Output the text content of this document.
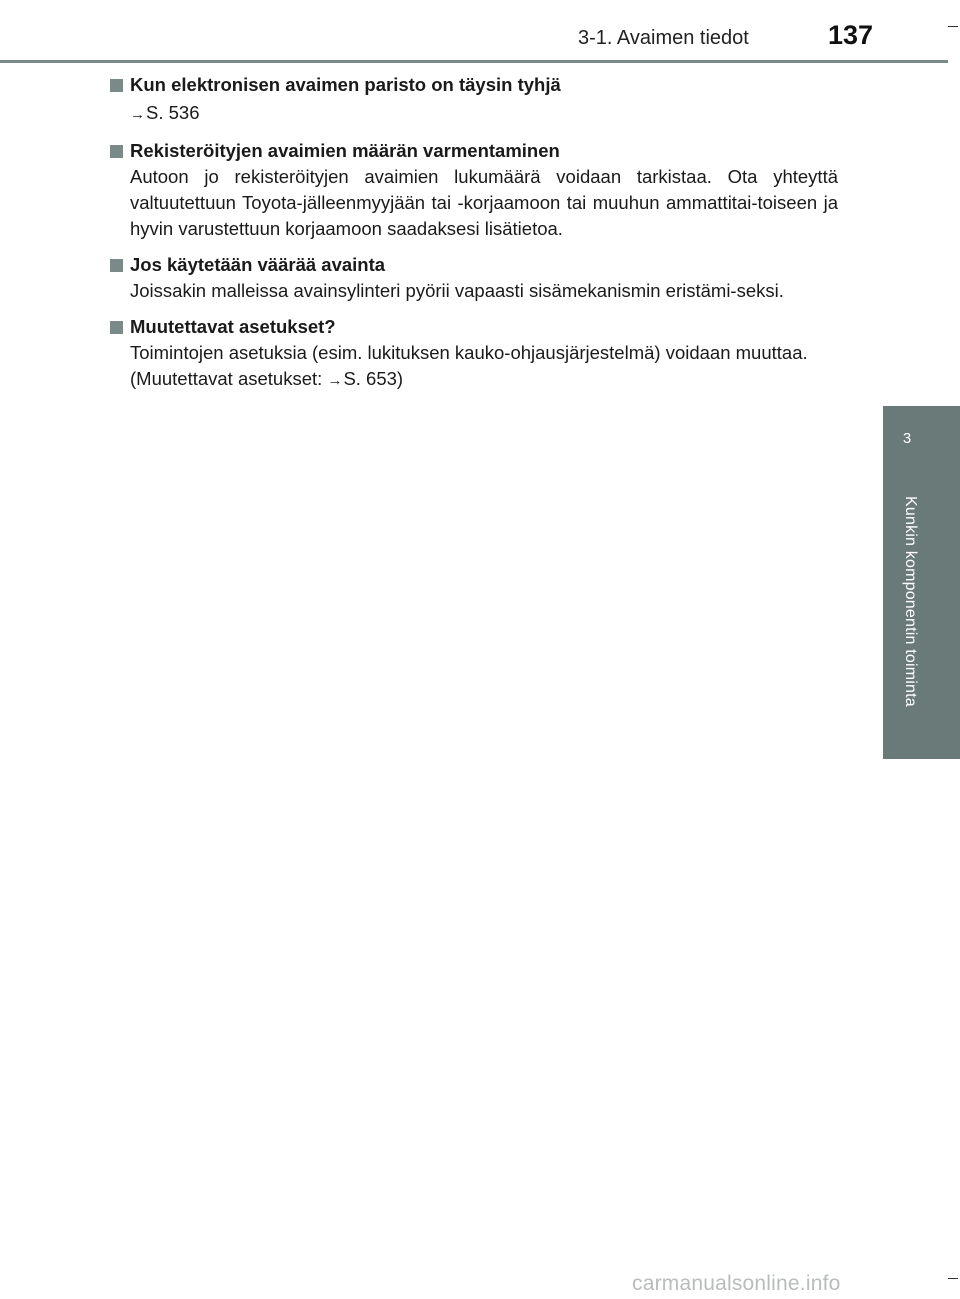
3-1. Avaimen tiedot	137
3
Kunkin komponentin toiminta
Kun elektronisen avaimen paristo on täysin tyhjä
→S. 536
Rekisteröityjen avaimien määrän varmentaminen
Autoon jo rekisteröityjen avaimien lukumäärä voidaan tarkistaa. Ota yhteyttä valtuutettuun Toyota-jälleenmyyjään tai -korjaamoon tai muuhun ammattitai-toiseen ja hyvin varustettuun korjaamoon saadaksesi lisätietoa.
Jos käytetään väärää avainta
Joissakin malleissa avainsylinteri pyörii vapaasti sisämekanismin eristämi-seksi.
Muutettavat asetukset?
Toimintojen asetuksia (esim. lukituksen kauko-ohjausjärjestelmä) voidaan muuttaa.
(Muutettavat asetukset: →S. 653)
carmanualsonline.info
